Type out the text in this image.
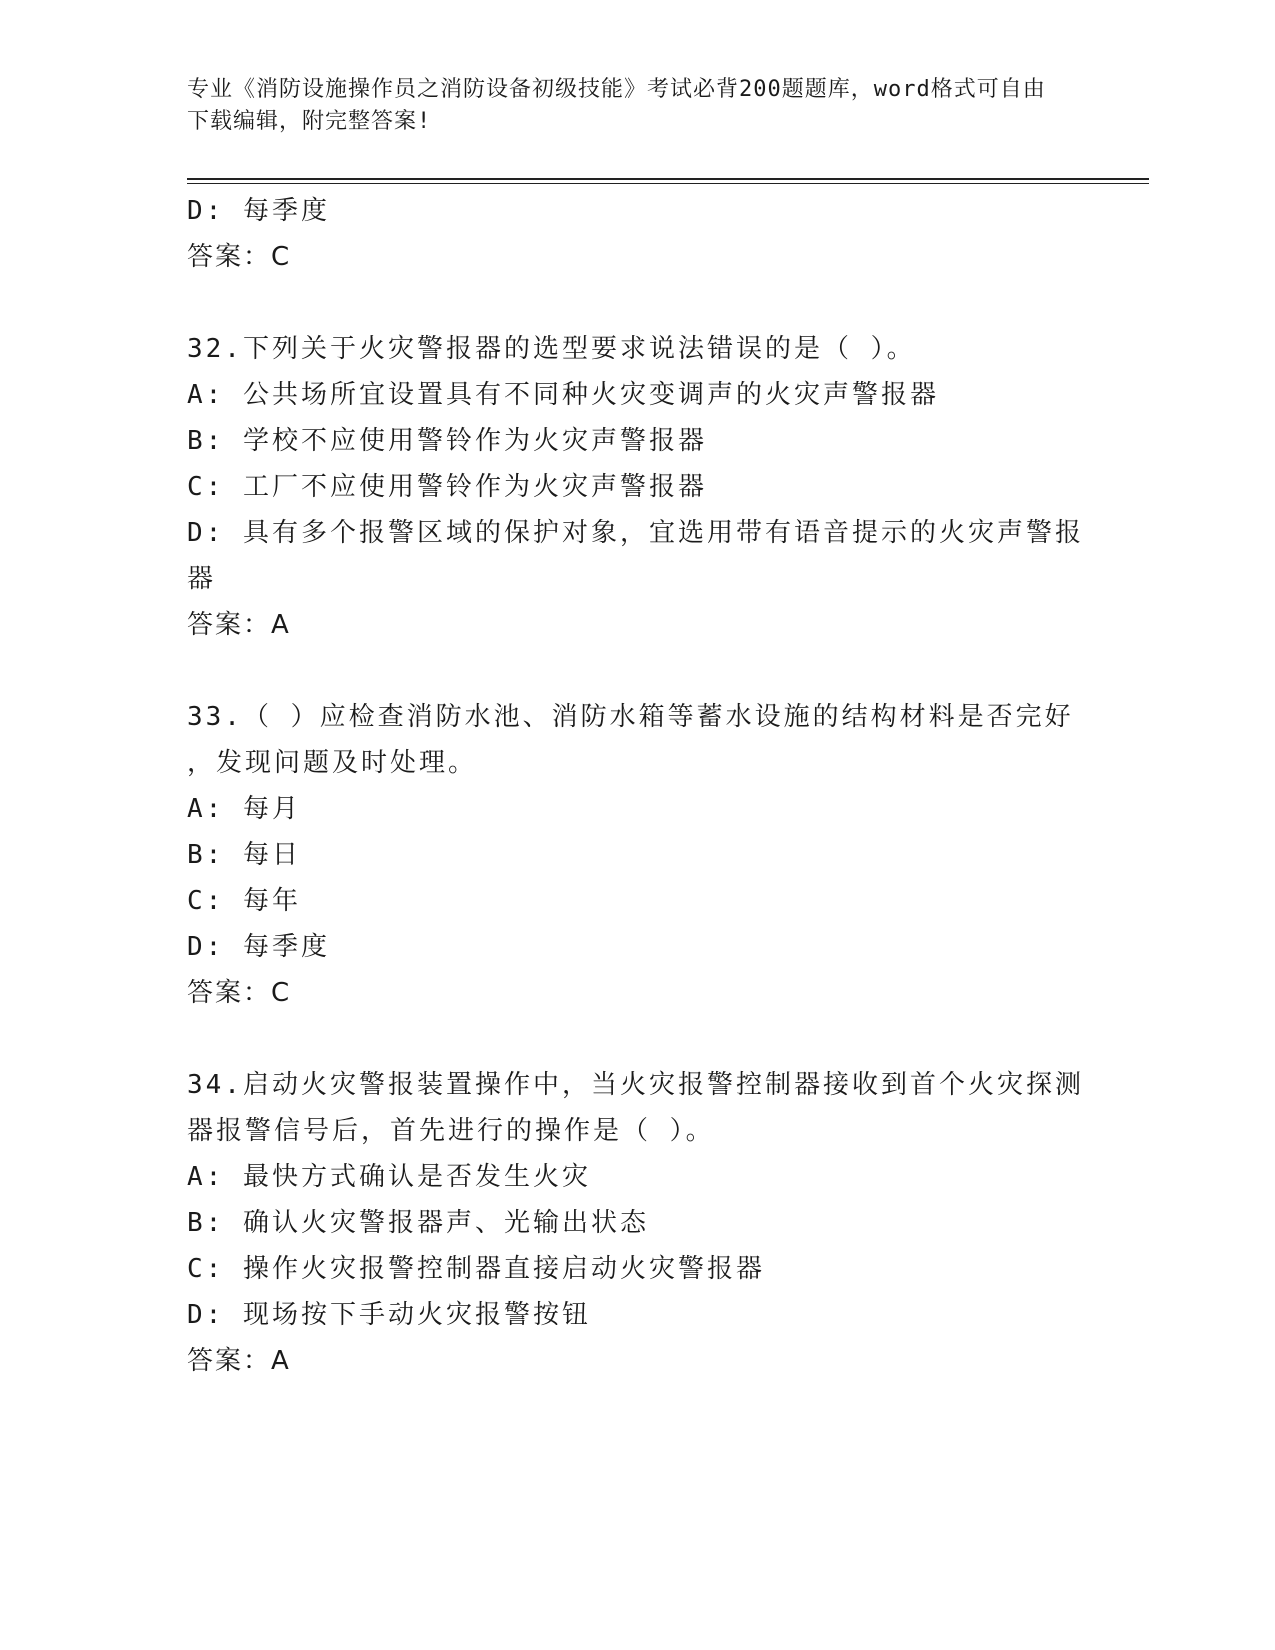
专业《消防设施操作员之消防设备初级技能》考试必背200题题库，word格式可自由下载编辑，附完整答案!
D: 每季度
答案：C
32.下列关于火灾警报器的选型要求说法错误的是（ ）。
A: 公共场所宜设置具有不同种火灾变调声的火灾声警报器
B: 学校不应使用警铃作为火灾声警报器
C: 工厂不应使用警铃作为火灾声警报器
D: 具有多个报警区域的保护对象，宜选用带有语音提示的火灾声警报
器
答案：A
33.（ ）应检查消防水池、消防水箱等蓄水设施的结构材料是否完好
，发现问题及时处理。
A: 每月
B: 每日
C: 每年
D: 每季度
答案：C
34.启动火灾警报装置操作中，当火灾报警控制器接收到首个火灾探测
器报警信号后，首先进行的操作是（ ）。
A: 最快方式确认是否发生火灾
B: 确认火灾警报器声、光输出状态
C: 操作火灾报警控制器直接启动火灾警报器
D: 现场按下手动火灾报警按钮
答案：A
